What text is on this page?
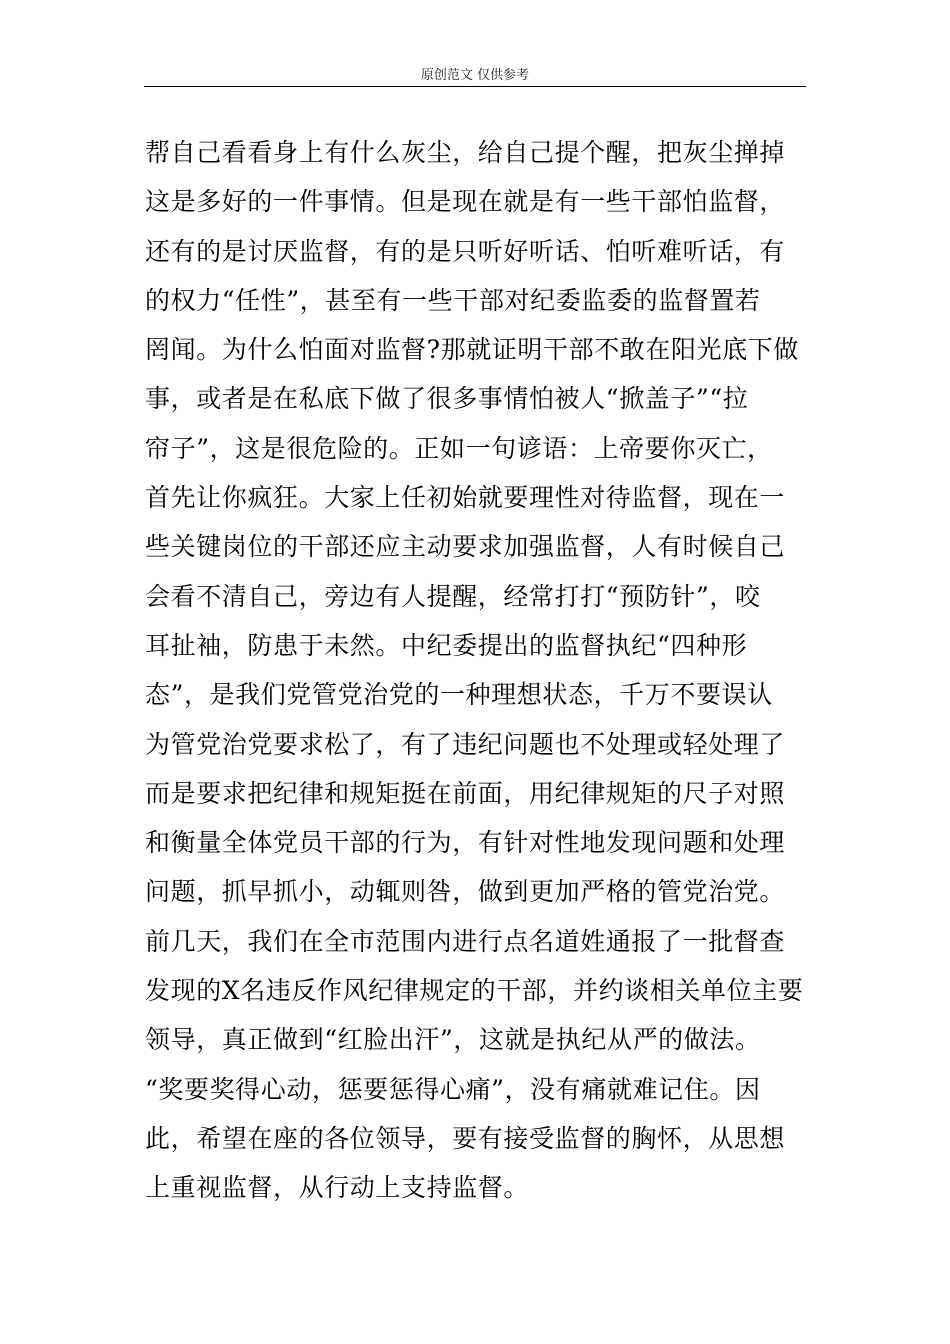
原创范文 仅供参考
帮自己看看身上有什么灰尘，给自己提个醒，把灰尘掸掉
这是多好的一件事情。但是现在就是有一些干部怕监督，
还有的是讨厌监督，有的是只听好听话、怕听难听话，有
的权力“任性”，甚至有一些干部对纪委监委的监督置若
罔闻。为什么怕面对监督?那就证明干部不敢在阳光底下做
事，或者是在私底下做了很多事情怕被人“掀盖子”“拉
帘子”，这是很危险的。正如一句谚语：上帝要你灭亡，
首先让你疯狂。大家上任初始就要理性对待监督，现在一
些关键岗位的干部还应主动要求加强监督，人有时候自己
会看不清自己，旁边有人提醒，经常打打“预防针”，咬
耳扯袖，防患于未然。中纪委提出的监督执纪“四种形
态”，是我们党管党治党的一种理想状态，千万不要误认
为管党治党要求松了，有了违纪问题也不处理或轻处理了
而是要求把纪律和规矩挺在前面，用纪律规矩的尺子对照
和衡量全体党员干部的行为，有针对性地发现问题和处理
问题，抓早抓小，动辄则咎，做到更加严格的管党治党。
前几天，我们在全市范围内进行点名道姓通报了一批督查
发现的X名违反作风纪律规定的干部，并约谈相关单位主要
领导，真正做到“红脸出汗”，这就是执纪从严的做法。
“奖要奖得心动，惩要惩得心痛”，没有痛就难记住。因
此，希望在座的各位领导，要有接受监督的胸怀，从思想
上重视监督，从行动上支持监督。
